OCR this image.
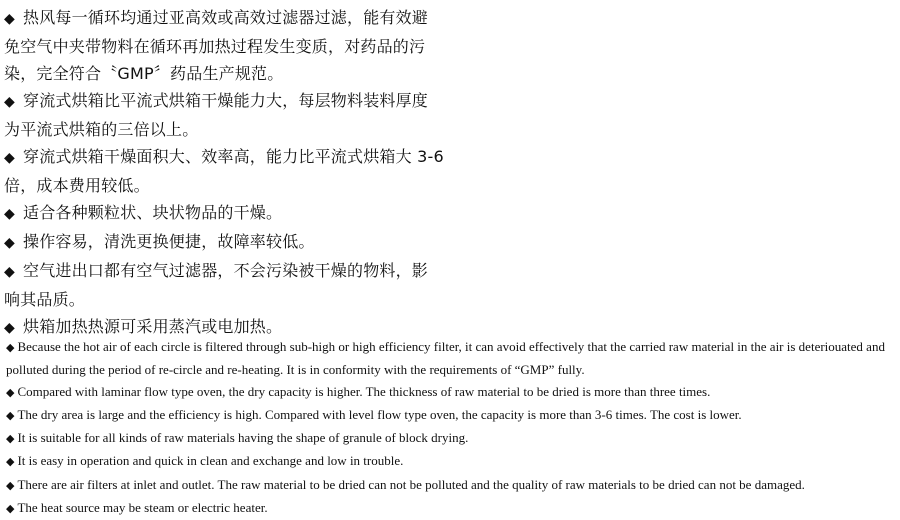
◆ 热风每一循环均通过亚高效或高效过滤器过滤，能有效避免空气中夹带物料在循环再加热过程发生变质，对药品的污染，完全符合〝GMP〞药品生产规范。

◆ 穿流式烘箱比平流式烘箱干燥能力大，每层物料装料厚度为平流式烘箱的三倍以上。

◆ 穿流式烘箱干燥面积大、效率高，能力比平流式烘箱大 3-6 倍，成本费用较低。

◆ 适合各种颗粒状、块状物品的干燥。

◆ 操作容易，清洗更换便捷，故障率较低。

◆ 空气进出口都有空气过滤器，不会污染被干燥的物料，影响其品质。

◆ 烘箱加热热源可采用蒸汽或电加热。

◆ Because the hot air of each circle is filtered through sub-high or high efficiency filter, it can avoid effectively that the carried raw material in the air is deteriouated and polluted during the period of re-circle and re-heating. It is in conformity with the requirements of “GMP” fully.

◆ Compared with laminar flow type oven, the dry capacity is higher. The thickness of raw material to be dried is more than three times.

◆ The dry area is large and the efficiency is high. Compared with level flow type oven, the capacity is more than 3-6 times. The cost is lower.

◆ It is suitable for all kinds of raw materials having the shape of granule of block drying.

◆ It is easy in operation and quick in clean and exchange and low in trouble.

◆ There are air filters at inlet and outlet. The raw material to be dried can not be polluted and the quality of raw materials to be dried can not be damaged.

◆ The heat source may be steam or electric heater.
